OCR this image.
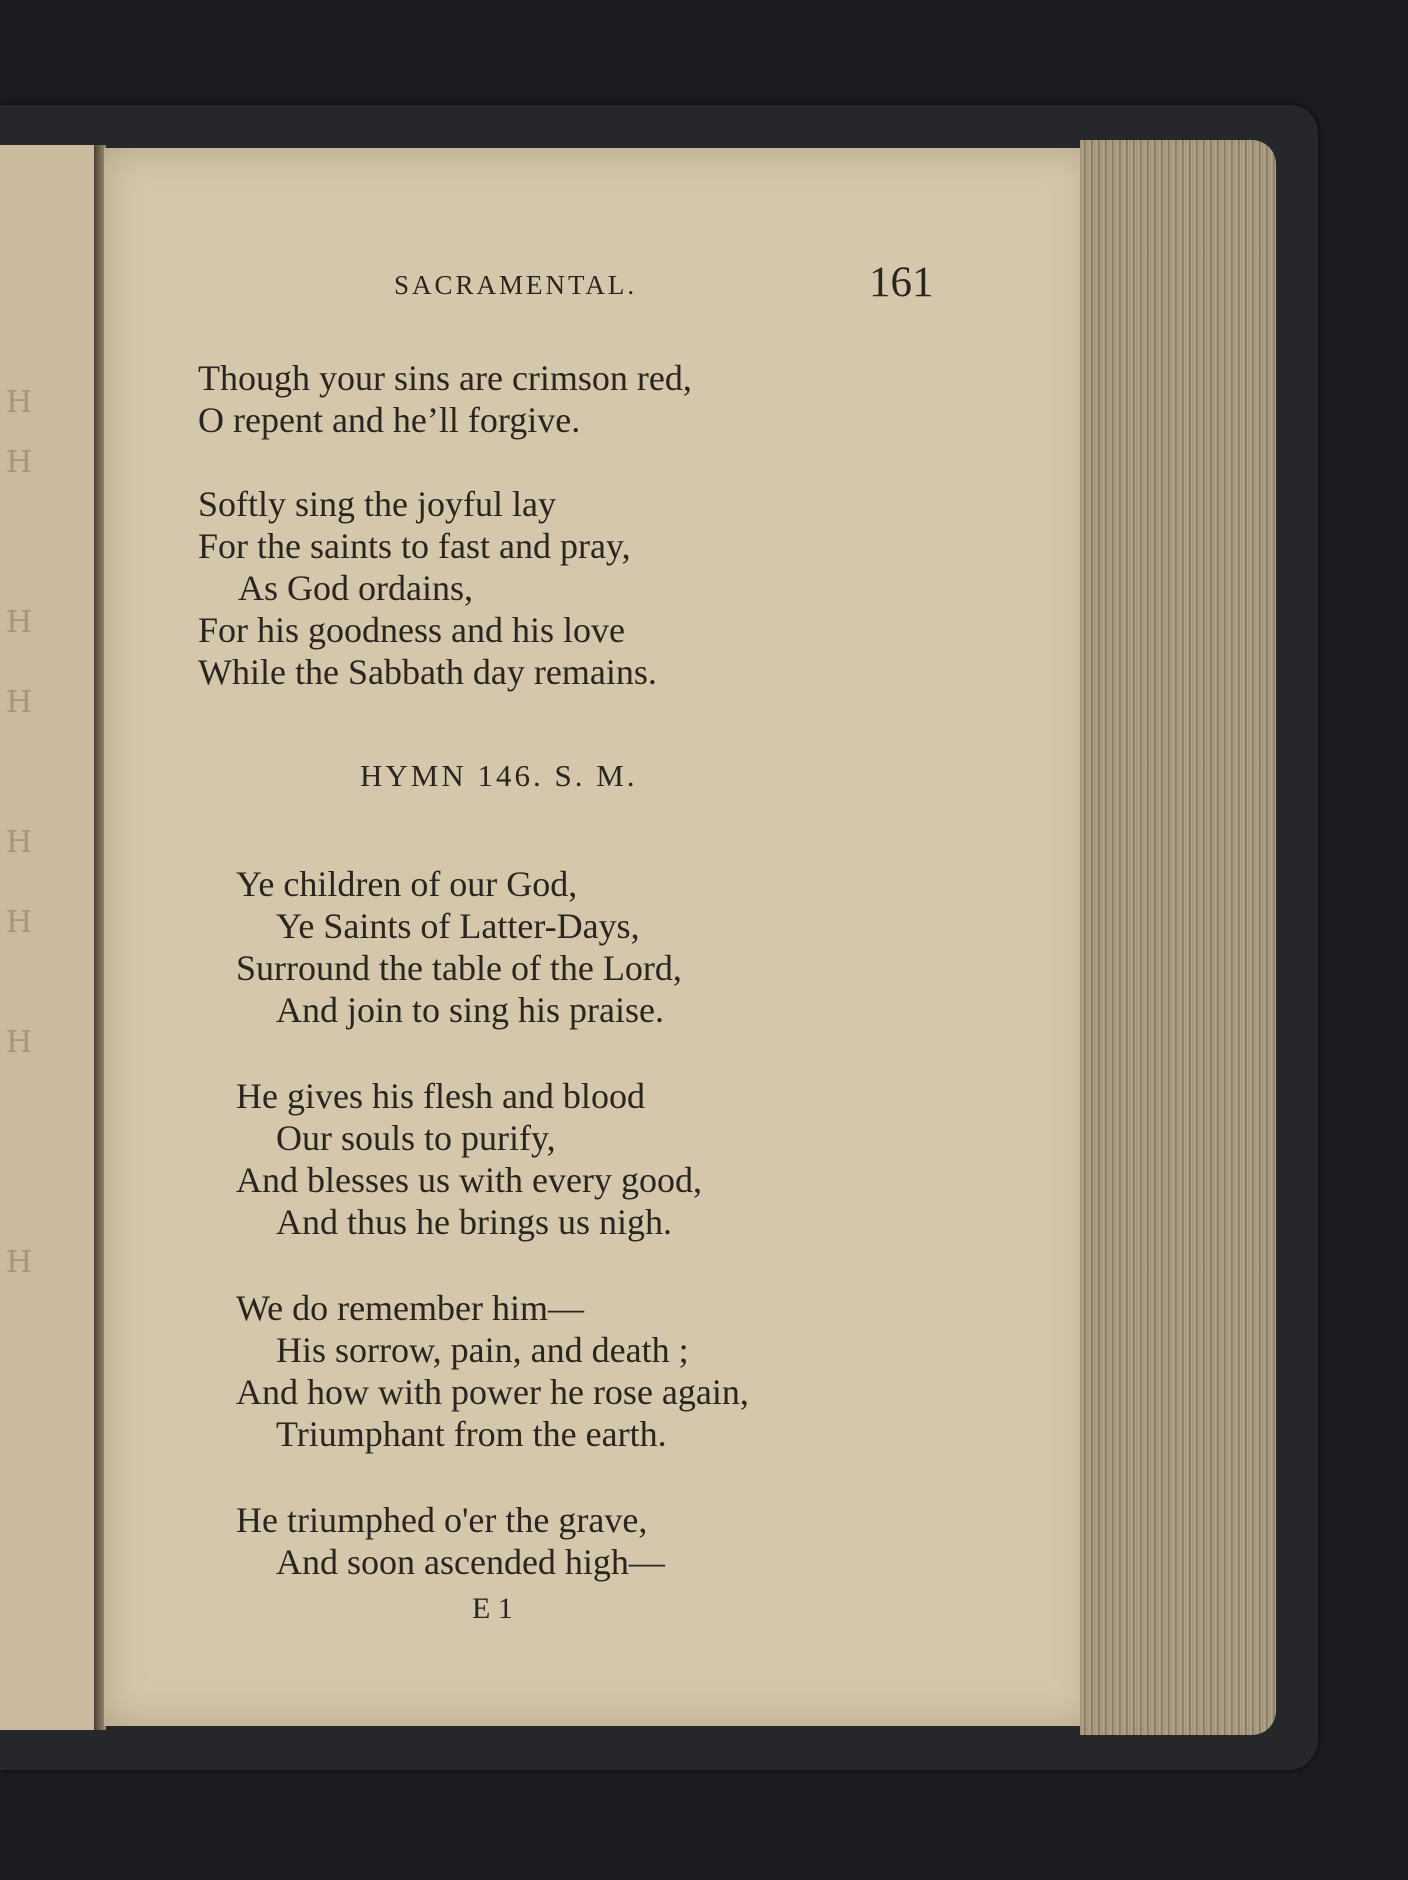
H
H
H
H
H
H
H
H
SACRAMENTAL.	161
Though your sins are crimson red,
O repent and he’ll forgive.
Softly sing the joyful lay
For the saints to fast and pray,
As God ordains,
For his goodness and his love
While the Sabbath day remains.
HYMN 146. S. M.
Ye children of our God,
Ye Saints of Latter-Days,
Surround the table of the Lord,
And join to sing his praise.
He gives his flesh and blood
Our souls to purify,
And blesses us with every good,
And thus he brings us nigh.
We do remember him—
His sorrow, pain, and death ;
And how with power he rose again,
Triumphant from the earth.
He triumphed o'er the grave,
And soon ascended high—
E 1
